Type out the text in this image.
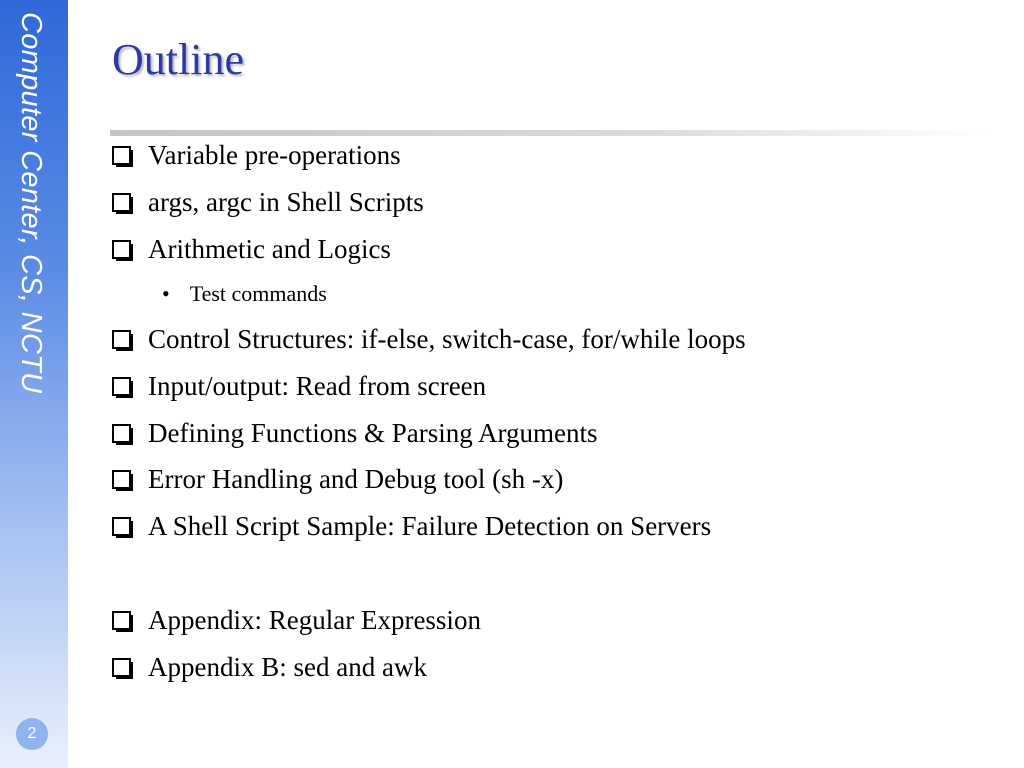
Computer Center, CS, NCTU
2
Outline
Variable pre-operations
args, argc in Shell Scripts
Arithmetic and Logics
• Test commands
Control Structures: if-else, switch-case, for/while loops
Input/output: Read from screen
Defining Functions & Parsing Arguments
Error Handling and Debug tool (sh -x)
A Shell Script Sample: Failure Detection on Servers
Appendix: Regular Expression
Appendix B: sed and awk
